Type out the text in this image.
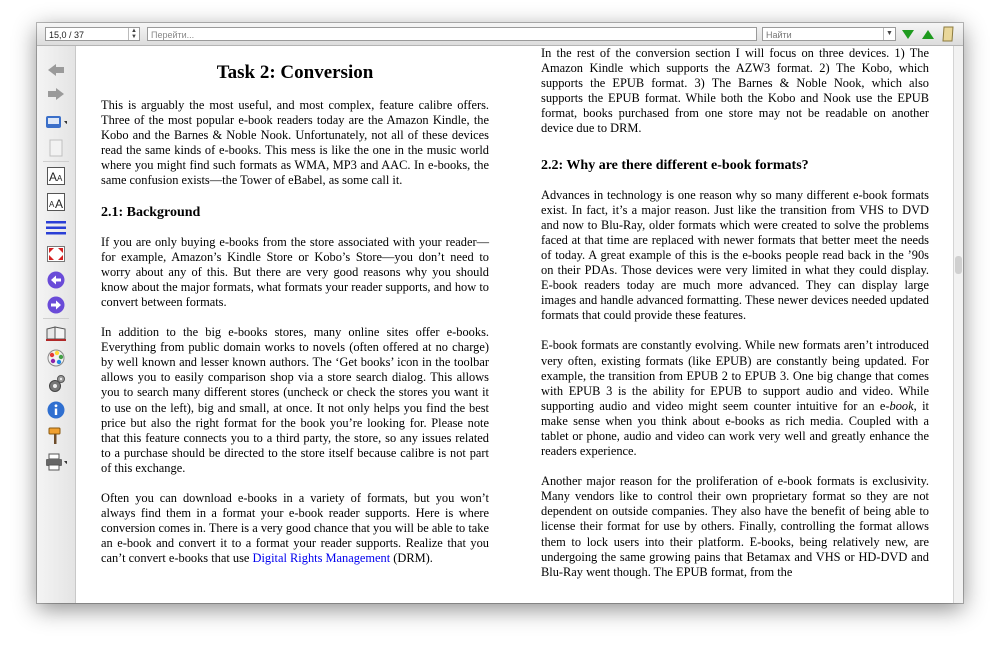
15,0 / 37	▲
▼	Перейти...	Найти	▼
A A
A A
Task 2: Conversion

This is arguably the most useful, and most complex, feature calibre offers. Three of the most popular e-book readers today are the Amazon Kindle, the Kobo and the Barnes & Noble Nook. Unfortunately, not all of these devices read the same kinds of e-books. This mess is like the one in the music world where you might find such formats as WMA, MP3 and AAC. In e-books, the same confusion exists—the Tower of eBabel, as some call it.

2.1: Background

If you are only buying e-books from the store associated with your reader—for example, Amazon’s Kindle Store or Kobo’s Store—you don’t need to worry about any of this. But there are very good reasons why you should know about the major formats, what formats your reader supports, and how to convert between formats.

In addition to the big e-books stores, many online sites offer e-books. Everything from public domain works to novels (often offered at no charge) by well known and lesser known authors. The ‘Get books’ icon in the toolbar allows you to easily comparison shop via a store search dialog. This allows you to search many different stores (uncheck or check the stores you want it to use on the left), big and small, at once. It not only helps you find the best price but also the right format for the book you’re looking for. Please note that this feature connects you to a third party, the store, so any issues related to a purchase should be directed to the store itself because calibre is not part of this exchange.

Often you can download e-books in a variety of formats, but you won’t always find them in a format your e-book reader supports. Here is where conversion comes in. There is a very good chance that you will be able to take an e-book and convert it to a format your reader supports. Realize that you can’t convert e-books that use Digital Rights Management (DRM).

In the rest of the conversion section I will focus on three devices. 1) The Amazon Kindle which supports the AZW3 format. 2) The Kobo, which supports the EPUB format. 3) The Barnes & Noble Nook, which also supports the EPUB format. While both the Kobo and Nook use the EPUB format, books purchased from one store may not be readable on another device due to DRM.

2.2: Why are there different e-book formats?

Advances in technology is one reason why so many different e-book formats exist. In fact, it’s a major reason. Just like the transition from VHS to DVD and now to Blu-Ray, older formats which were created to solve the problems faced at that time are replaced with newer formats that better meet the needs of today. A great example of this is the e-books people read back in the ’90s on their PDAs. Those devices were very limited in what they could display. E-book readers today are much more advanced. They can display large images and handle advanced formatting. These newer devices needed updated formats that could provide these features.

E-book formats are constantly evolving. While new formats aren’t introduced very often, existing formats (like EPUB) are constantly being updated. For example, the transition from EPUB 2 to EPUB 3. One big change that comes with EPUB 3 is the ability for EPUB to support audio and video. While supporting audio and video might seem counter intuitive for an e-book, it make sense when you think about e-books as rich media. Coupled with a tablet or phone, audio and video can work very well and greatly enhance the readers experience.

Another major reason for the proliferation of e-book formats is exclusivity. Many vendors like to control their own proprietary format so they are not dependent on outside companies. They also have the benefit of being able to license their format for use by others. Finally, controlling the format allows them to lock users into their platform. E-books, being relatively new, are undergoing the same growing pains that Betamax and VHS or HD-DVD and Blu-Ray went though. The EPUB format, from the
